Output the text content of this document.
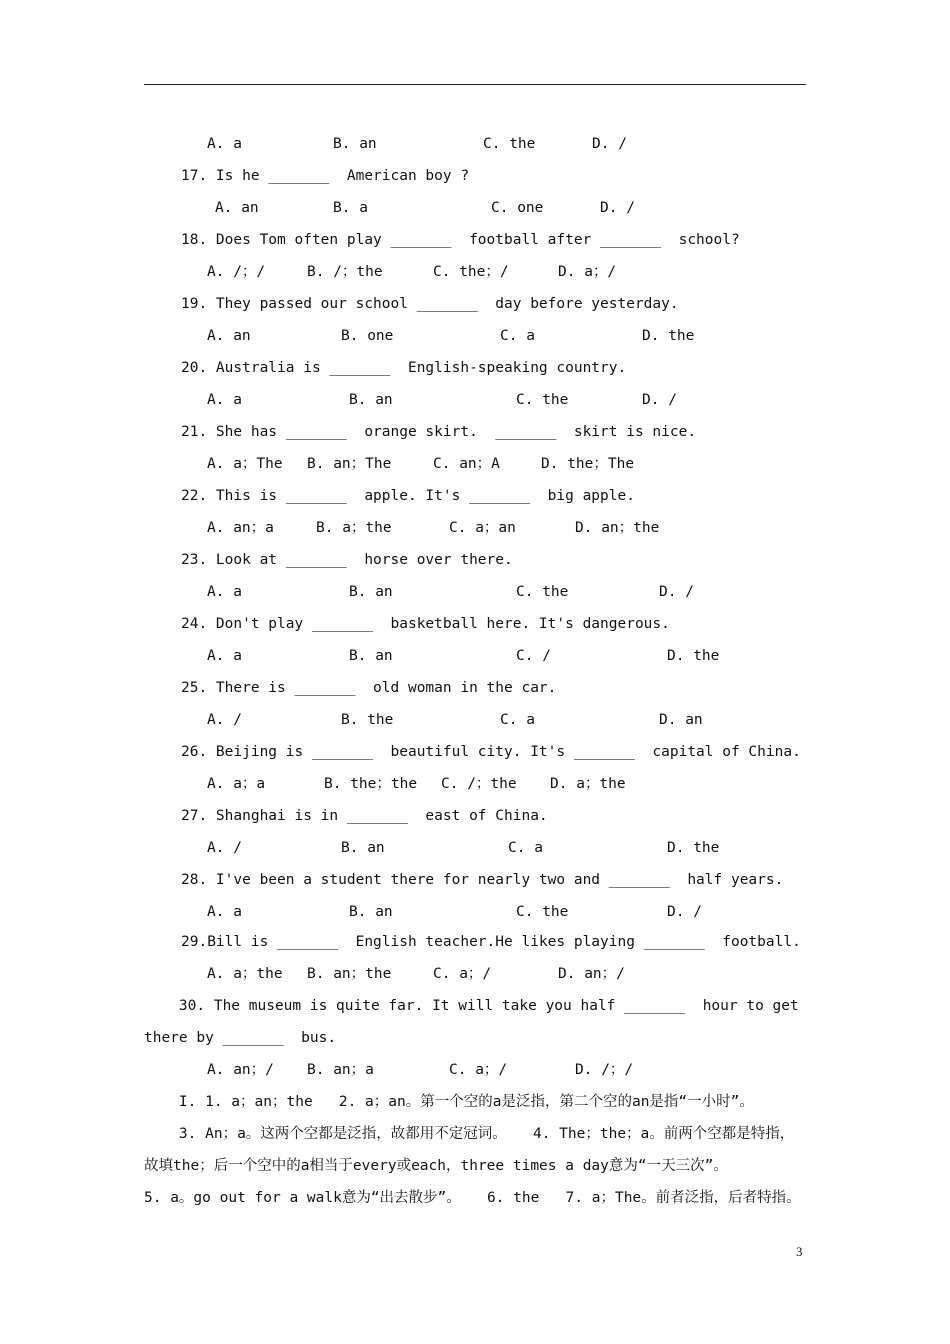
A. a

	B. an

	C. the

	D. /

17. Is he _______  American boy ?

A. an

	B. a

	C. one

	D. /

18. Does Tom often play _______  football after _______  school?

A. /；/

	B. /；the

	C. the；/

	D. a；/

19. They passed our school _______  day before yesterday.

A. an

	B. one

	C. a

	D. the

20. Australia is _______  English-speaking country.

A. a

	B. an

	C. the

	D. /

21. She has _______  orange skirt.  _______  skirt is nice.

A. a；The

B. an；The

	C. an；A

	D. the；The

22. This is _______  apple. It's _______  big apple.

A. an；a

	B. a；the

	C. a；an

	D. an；the

23. Look at _______  horse over there.

A. a

	B. an

	C. the

	D. /

24. Don't play _______  basketball here. It's dangerous.

A. a

	B. an

	C. /

	D. the

25. There is _______  old woman in the car.

A. /

	B. the

	C. a

	D. an

26. Beijing is _______  beautiful city. It's _______  capital of China.

A. a；a

	B. the；the

C. /；the

D. a；the

27. Shanghai is in _______  east of China.

A. /

	B. an

	C. a

	D. the

28. I've been a student there for nearly two and _______  half years.

A. a

	B. an

	C. the

	D. /

29.Bill is _______  English teacher.He likes playing _______  football.

A. a；the

B. an；the

	C. a；/

	D. an；/

30. The museum is quite far. It will take you half _______  hour to get
there by _______  bus.

A. an；/

B. an；a

	C. a；/

	D. /；/

I. 1. a；an；the   2. a；an。第一个空的a是泛指，第二个空的an是指“一小时”。
3. An；a。这两个空都是泛指，故都用不定冠词。   4. The；the；a。前两个空都是特指，
故填the；后一个空中的a相当于every或each，three times a day意为“一天三次”。
5. a。go out for a walk意为“出去散步”。   6. the   7. a；The。前者泛指，后者特指。
3
